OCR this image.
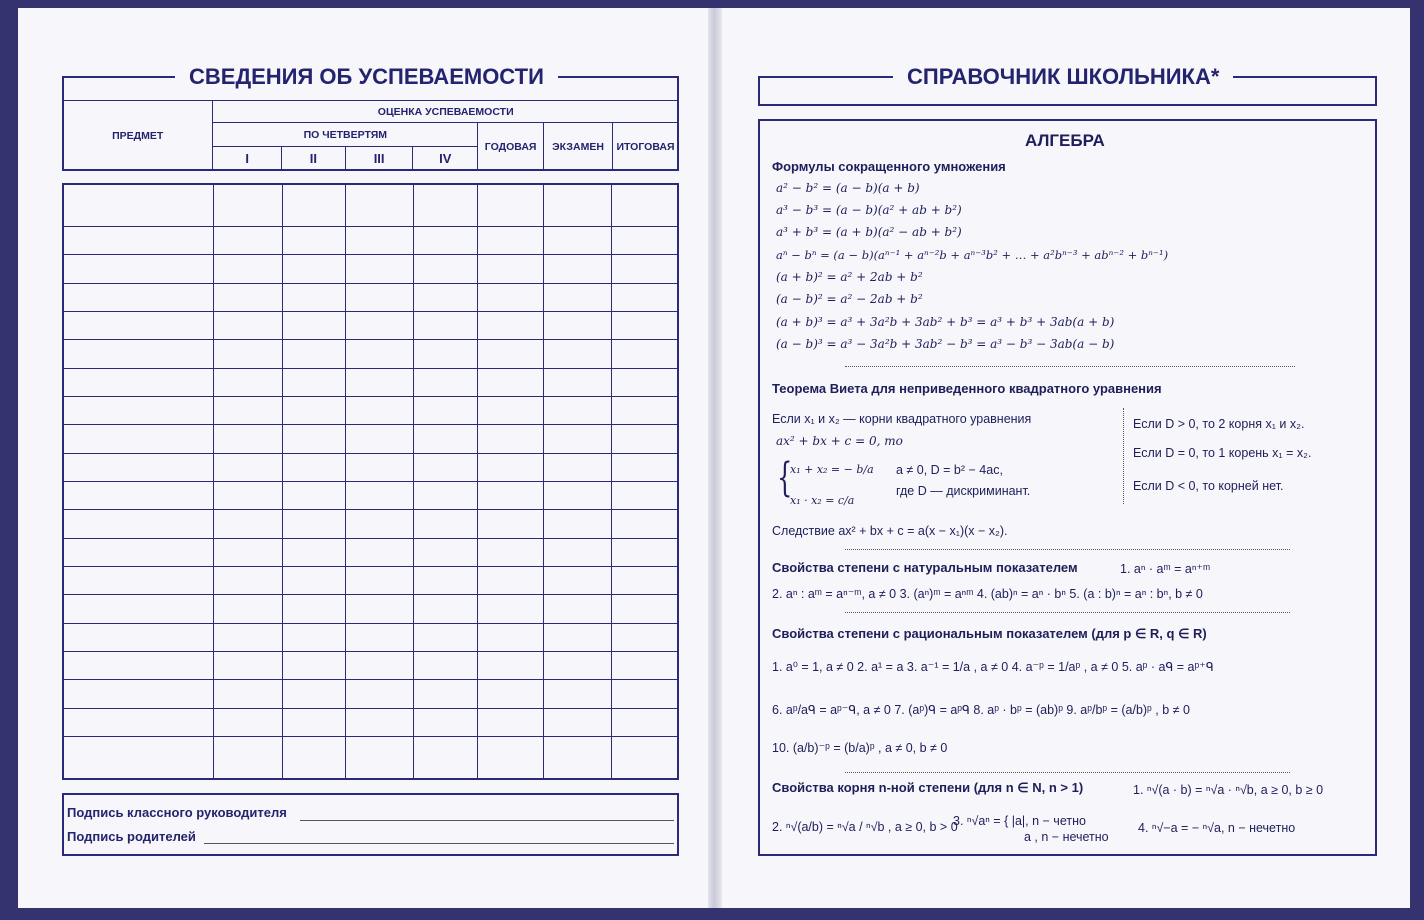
СВЕДЕНИЯ ОБ УСПЕВАЕМОСТИ
ПРЕДМЕТ	ОЦЕНКА УСПЕВАЕМОСТИ						
	ПО ЧЕТВЕРТЯМ				ГОДОВАЯ	ЭКЗАМЕН	ИТОГОВАЯ
	I	II	III	IV			

Подпись классного руководителя
Подпись родителей
СПРАВОЧНИК ШКОЛЬНИКА*
АЛГЕБРА
Формулы сокращенного умножения
a² − b² = (a − b)(a + b)
a³ − b³ = (a − b)(a² + ab + b²)
a³ + b³ = (a + b)(a² − ab + b²)
aⁿ − bⁿ = (a − b)(aⁿ⁻¹ + aⁿ⁻²b + aⁿ⁻³b² + … + a²bⁿ⁻³ + abⁿ⁻² + bⁿ⁻¹)
(a + b)² = a² + 2ab + b²
(a − b)² = a² − 2ab + b²
(a + b)³ = a³ + 3a²b + 3ab² + b³ = a³ + b³ + 3ab(a + b)
(a − b)³ = a³ − 3a²b + 3ab² − b³ = a³ − b³ − 3ab(a − b)
Теорема Виета для неприведенного квадратного уравнения
Если x₁ и x₂ — корни квадратного уравнения
ax² + bx + c = 0, то
{
x₁ + x₂ = − b/a
x₁ · x₂ = c/a
a ≠ 0, D = b² − 4ac,
где D — дискриминант.
Если D > 0, то 2 корня x₁ и x₂.
Если D = 0, то 1 корень x₁ = x₂.
Если D < 0, то корней нет.
Следствие ax² + bx + c = a(x − x₁)(x − x₂).
Свойства степени с натуральным показателем	1. aⁿ · aᵐ = aⁿ⁺ᵐ
2. aⁿ : aᵐ = aⁿ⁻ᵐ, a ≠ 0 3. (aⁿ)ᵐ = aⁿᵐ 4. (ab)ⁿ = aⁿ · bⁿ 5. (a : b)ⁿ = aⁿ : bⁿ, b ≠ 0
Свойства степени с рациональным показателем (для p ∈ R, q ∈ R)
1. a⁰ = 1, a ≠ 0 2. a¹ = a 3. a⁻¹ = 1/a , a ≠ 0 4. a⁻ᵖ = 1/aᵖ , a ≠ 0 5. aᵖ · aᑫ = aᵖ⁺ᑫ
6. aᵖ/aᑫ = aᵖ⁻ᑫ, a ≠ 0 7. (aᵖ)ᑫ = aᵖᑫ 8. aᵖ · bᵖ = (ab)ᵖ 9. aᵖ/bᵖ = (a/b)ᵖ , b ≠ 0
10. (a/b)⁻ᵖ = (b/a)ᵖ , a ≠ 0, b ≠ 0
Свойства корня n-ной степени (для n ∈ N, n > 1)	1. ⁿ√(a · b) = ⁿ√a · ⁿ√b, a ≥ 0, b ≥ 0
2. ⁿ√(a/b) = ⁿ√a / ⁿ√b , a ≥ 0, b > 0
3. ⁿ√aⁿ = { |a|, n − четно
a , n − нечетно
4. ⁿ√−a = − ⁿ√a, n − нечетно
